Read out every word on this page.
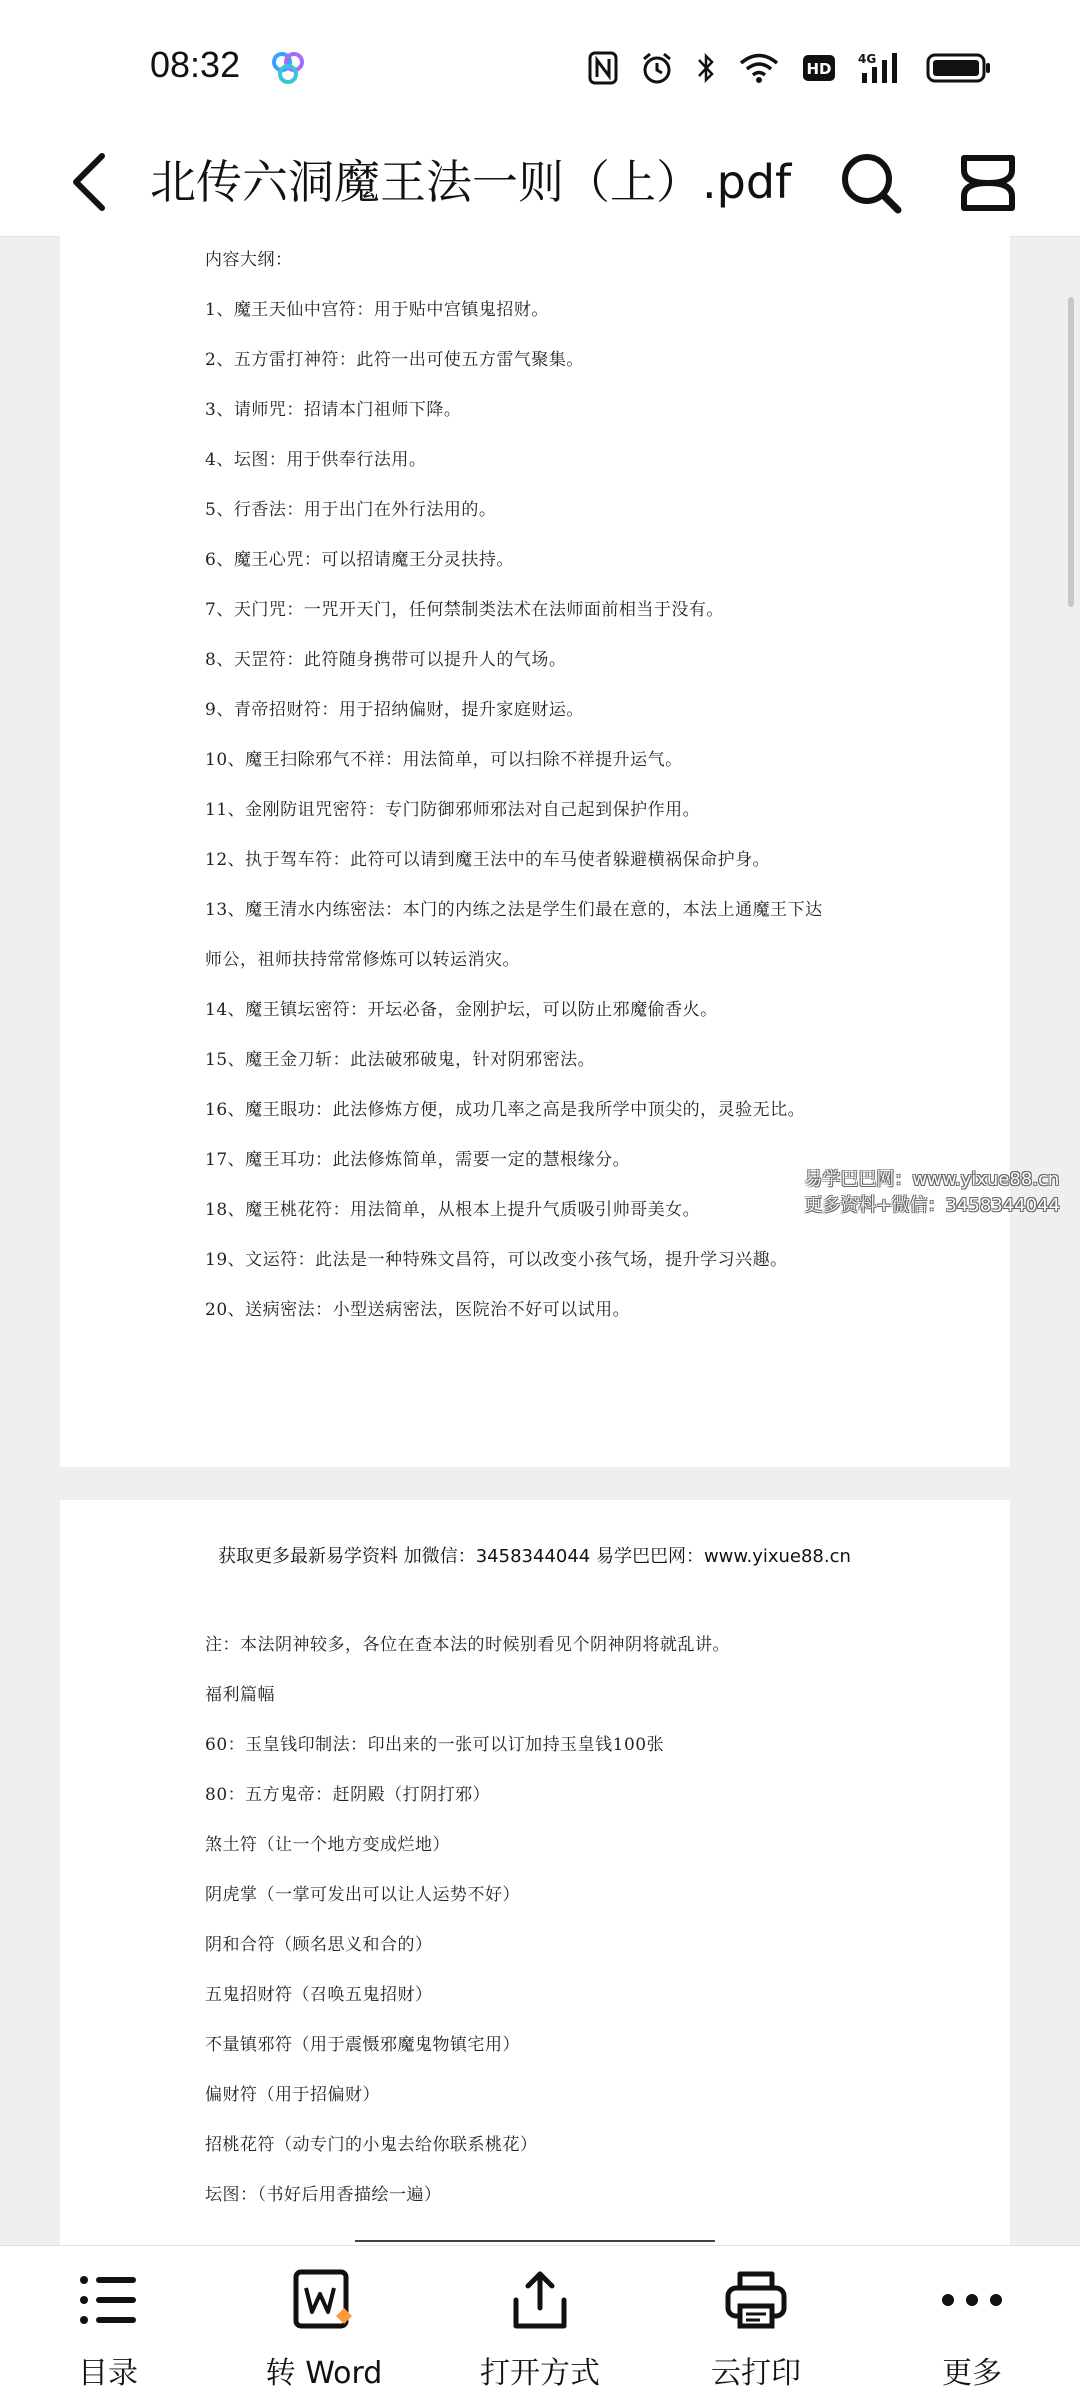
08:32	HD
4G
北传六洞魔王法一则（上）.pdf
内容大纲：
1、魔王天仙中宫符：用于贴中宫镇鬼招财。
2、五方雷打神符：此符一出可使五方雷气聚集。
3、请师咒：招请本门祖师下降。
4、坛图：用于供奉行法用。
5、行香法：用于出门在外行法用的。
6、魔王心咒：可以招请魔王分灵扶持。
7、天门咒：一咒开天门，任何禁制类法术在法师面前相当于没有。
8、天罡符：此符随身携带可以提升人的气场。
9、青帝招财符：用于招纳偏财，提升家庭财运。
10、魔王扫除邪气不祥：用法简单，可以扫除不祥提升运气。
11、金刚防诅咒密符：专门防御邪师邪法对自己起到保护作用。
12、执于驾车符：此符可以请到魔王法中的车马使者躲避横祸保命护身。
13、魔王清水内练密法：本门的内练之法是学生们最在意的，本法上通魔王下达
师公，祖师扶持常常修炼可以转运消灾。
14、魔王镇坛密符：开坛必备，金刚护坛，可以防止邪魔偷香火。
15、魔王金刀斩：此法破邪破鬼，针对阴邪密法。
16、魔王眼功：此法修炼方便，成功几率之高是我所学中顶尖的，灵验无比。
17、魔王耳功：此法修炼简单，需要一定的慧根缘分。
18、魔王桃花符：用法简单，从根本上提升气质吸引帅哥美女。
19、文运符：此法是一种特殊文昌符，可以改变小孩气场，提升学习兴趣。
20、送病密法：小型送病密法，医院治不好可以试用。
易学巴巴网：www.yixue88.cn
更多资料+微信：3458344044
获取更多最新易学资料 加微信：3458344044 易学巴巴网：www.yixue88.cn
注：本法阴神较多，各位在查本法的时候别看见个阴神阴将就乱讲。
福利篇幅
60：玉皇钱印制法：印出来的一张可以订加持玉皇钱100张
80：五方鬼帝：赶阴殿（打阴打邪）
煞土符（让一个地方变成烂地）
阴虎掌（一掌可发出可以让人运势不好）
阴和合符（顾名思义和合的）
五鬼招财符（召唤五鬼招财）
不量镇邪符（用于震慑邪魔鬼物镇宅用）
偏财符（用于招偏财）
招桃花符（动专门的小鬼去给你联系桃花）
坛图：（书好后用香描绘一遍）
目录	转 Word	打开方式	云打印	更多
